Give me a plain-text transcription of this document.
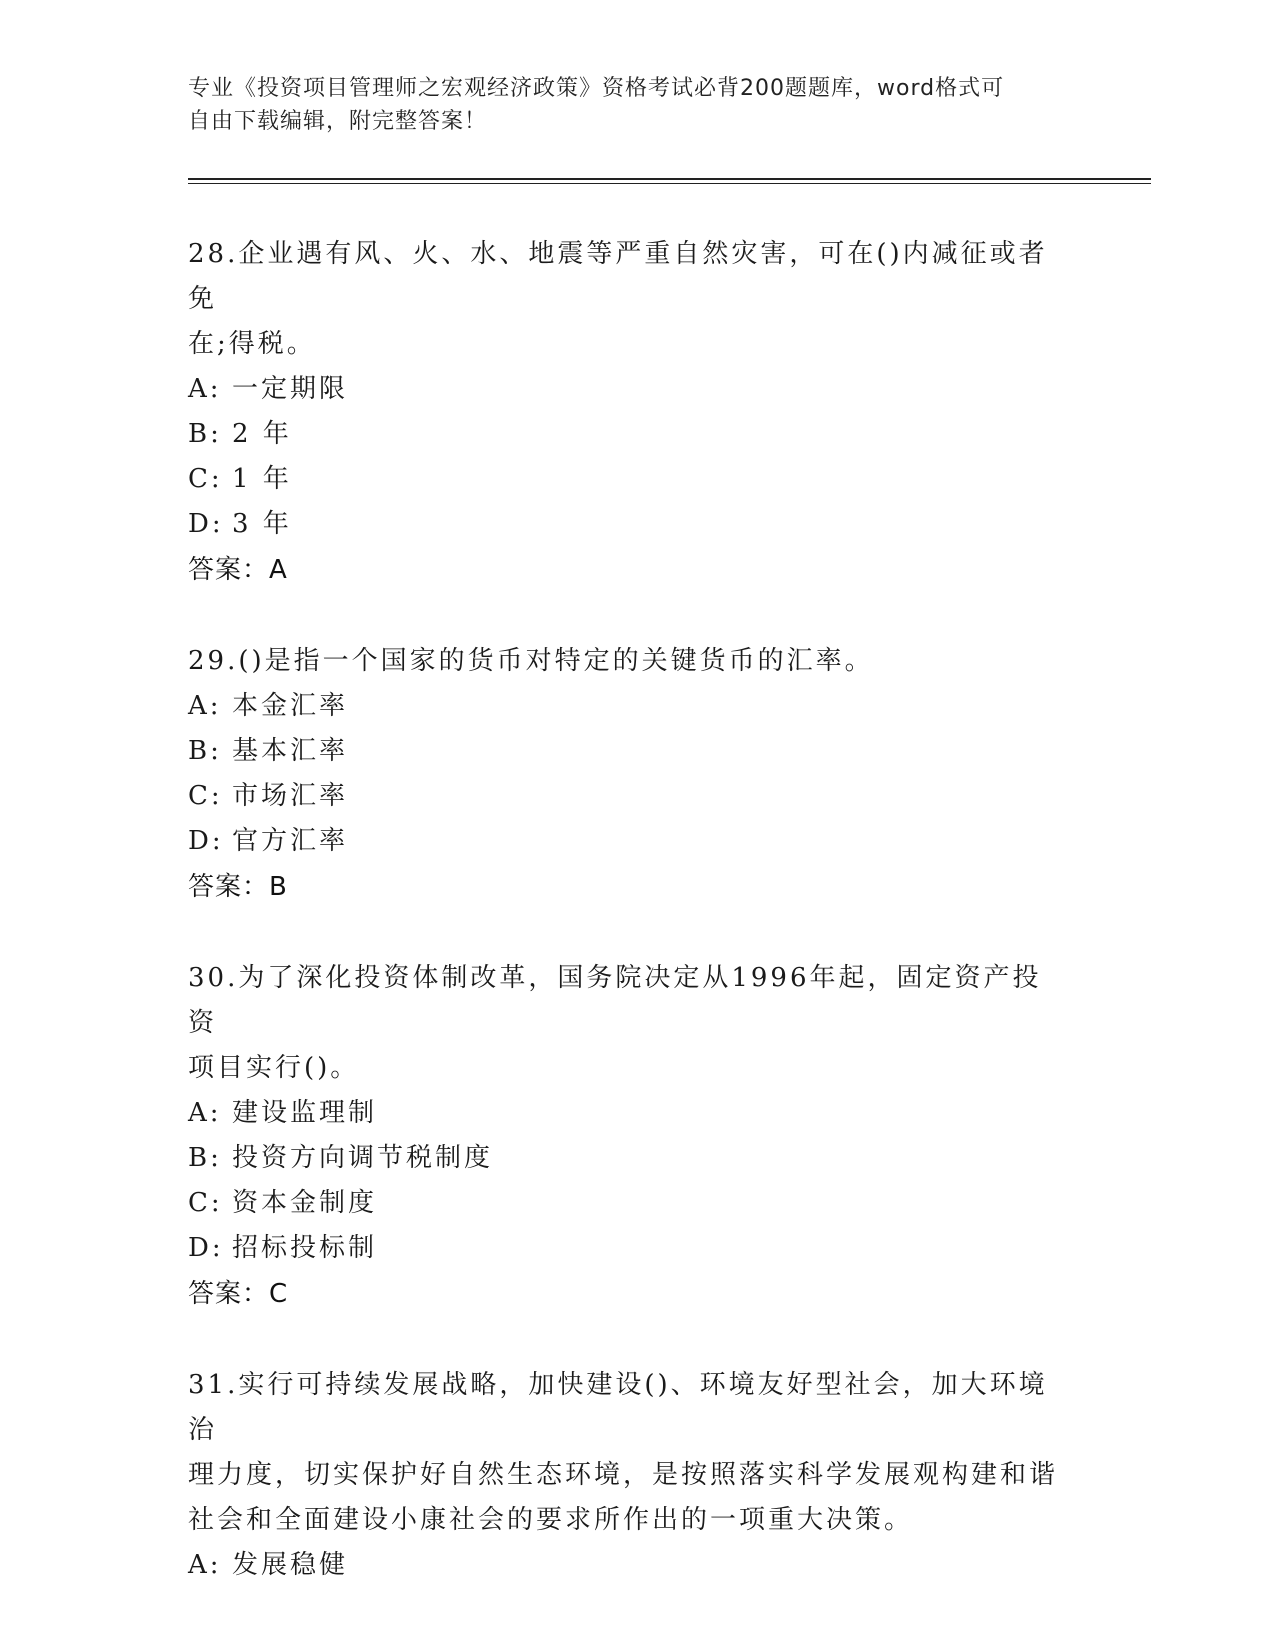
专业《投资项目管理师之宏观经济政策》资格考试必背200题题库，word格式可
自由下载编辑，附完整答案！

28.企业遇有风、火、水、地震等严重自然灾害，可在()内减征或者免
在;得税。

A: 一定期限

B: 2 年

C: 1 年

D: 3 年

答案：A

29.()是指一个国家的货币对特定的关键货币的汇率。

A: 本金汇率

B: 基本汇率

C: 市场汇率

D: 官方汇率

答案：B

30.为了深化投资体制改革，国务院决定从1996年起，固定资产投资
项目实行()。

A: 建设监理制

B: 投资方向调节税制度

C: 资本金制度

D: 招标投标制

答案：C

31.实行可持续发展战略，加快建设()、环境友好型社会，加大环境治
理力度，切实保护好自然生态环境，是按照落实科学发展观构建和谐
社会和全面建设小康社会的要求所作出的一项重大决策。

A: 发展稳健
